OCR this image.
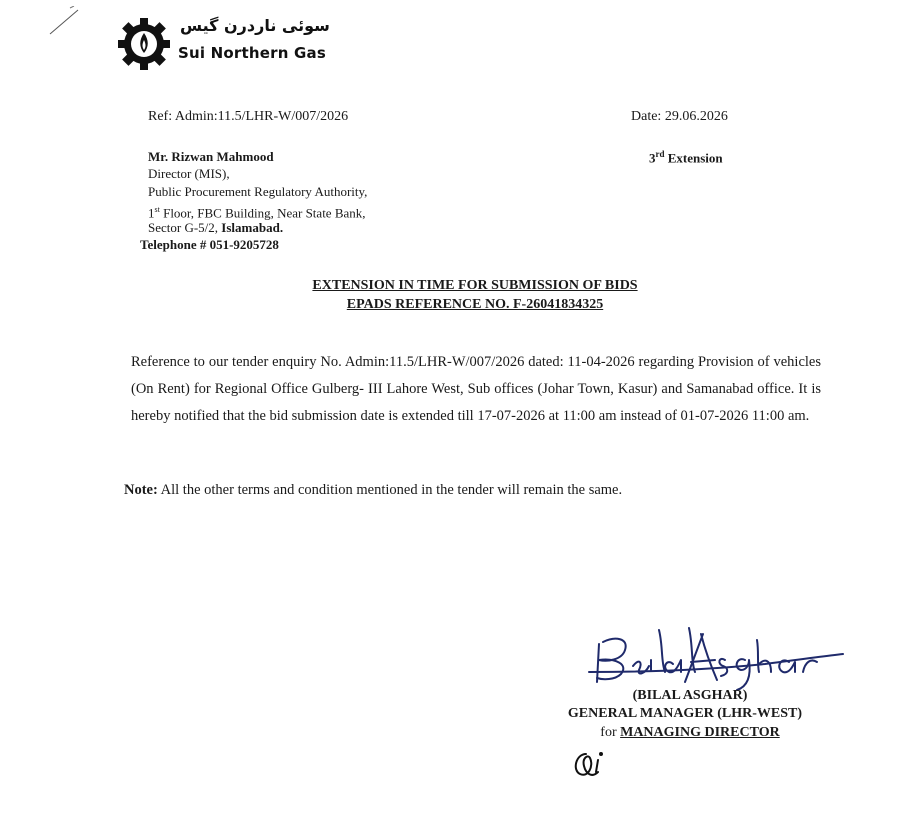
سوئی ناردرن گیس
Sui Northern Gas
Ref: Admin:11.5/LHR-W/007/2026	Date: 29.06.2026
3rd Extension
Mr. Rizwan Mahmood
Director (MIS),
Public Procurement Regulatory Authority,
1st Floor, FBC Building, Near State Bank,
Sector G-5/2, Islamabad.
Telephone # 051-9205728
EXTENSION IN TIME FOR SUBMISSION OF BIDS
EPADS REFERENCE NO. F-26041834325
Reference to our tender enquiry No. Admin:11.5/LHR-W/007/2026 dated: 11-04-2026 regarding Provision of vehicles (On Rent) for Regional Office Gulberg- III Lahore West, Sub offices (Johar Town, Kasur) and Samanabad office. It is hereby notified that the bid submission date is extended till 17-07-2026 at 11:00 am instead of 01-07-2026 11:00 am.
Note: All the other terms and condition mentioned in the tender will remain the same.
(BILAL ASGHAR)
GENERAL MANAGER (LHR-WEST)
for MANAGING DIRECTOR
